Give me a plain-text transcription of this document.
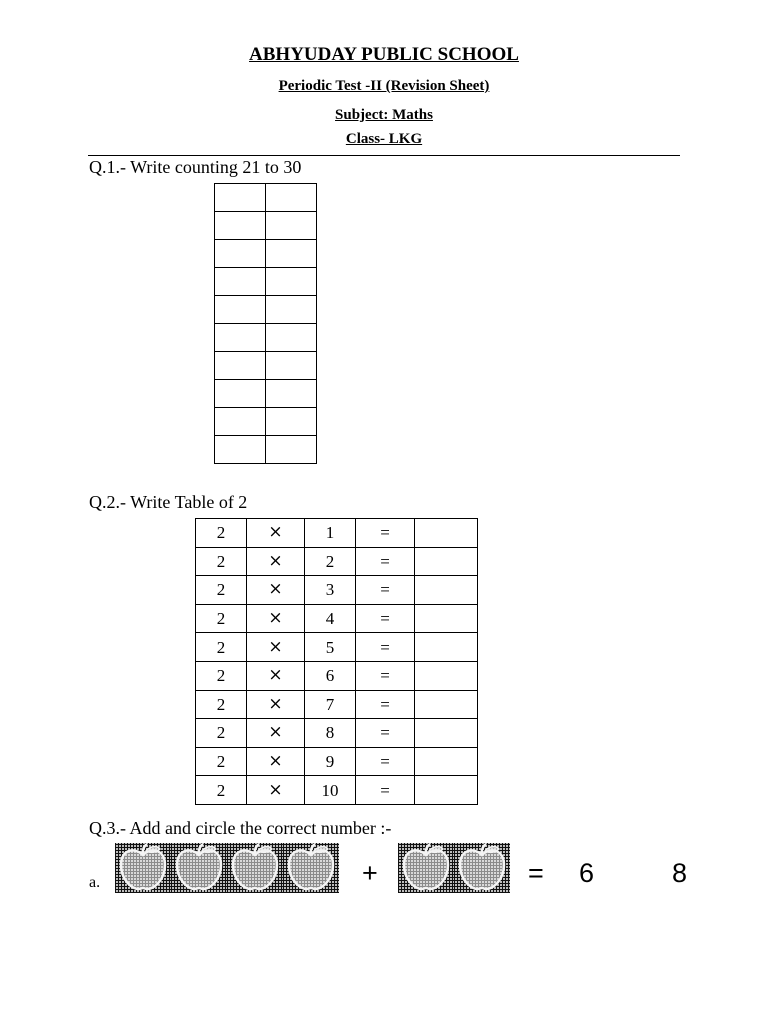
ABHYUDAY PUBLIC SCHOOL
Periodic Test -II (Revision Sheet)
Subject: Maths
Class- LKG
Q.1.- Write counting 21 to 30

Q.2.- Write Table of 2
2	×	1	=	
2	×	2	=	
2	×	3	=	
2	×	4	=	
2	×	5	=	
2	×	6	=	
2	×	7	=	
2	×	8	=	
2	×	9	=	
2	×	10	=	
Q.3.- Add and circle the correct number :-
a.	+	= 6	8
